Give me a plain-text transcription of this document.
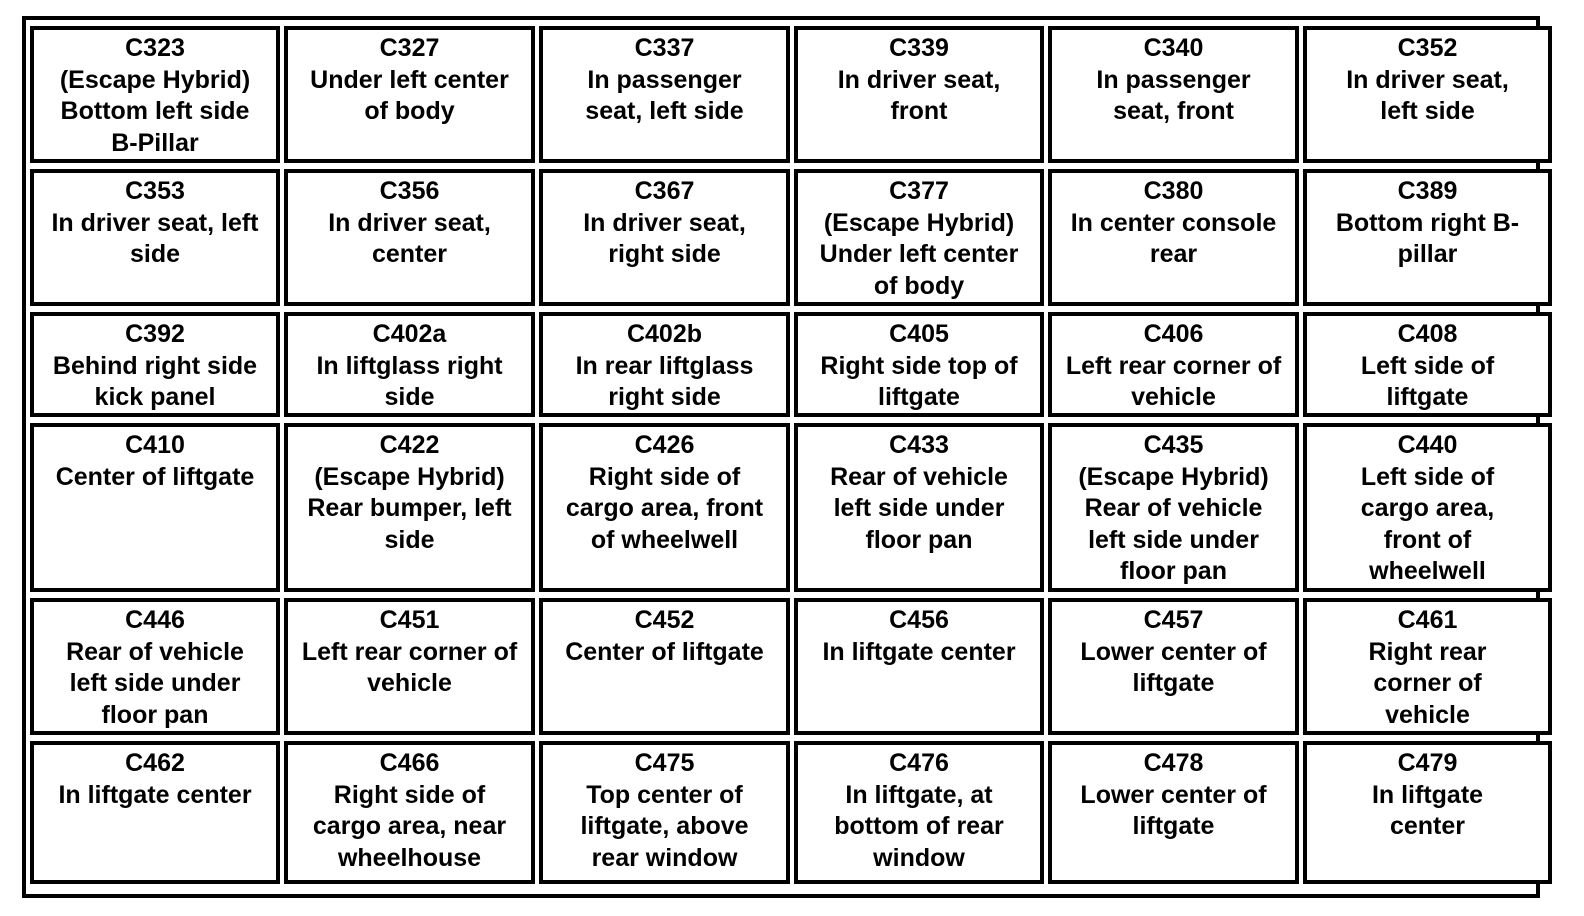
C323
(Escape Hybrid)
Bottom left side
B-Pillar
C327
Under left center
of body
C337
In passenger
seat, left side
C339
In driver seat,
front
C340
In passenger
seat, front
C352
In driver seat,
left side
C353
In driver seat, left
side
C356
In driver seat,
center
C367
In driver seat,
right side
C377
(Escape Hybrid)
Under left center
of body
C380
In center console
rear
C389
Bottom right B-
pillar
C392
Behind right side
kick panel
C402a
In liftglass right
side
C402b
In rear liftglass
right side
C405
Right side top of
liftgate
C406
Left rear corner of
vehicle
C408
Left side of
liftgate
C410
Center of liftgate
C422
(Escape Hybrid)
Rear bumper, left
side
C426
Right side of
cargo area, front
of wheelwell
C433
Rear of vehicle
left side under
floor pan
C435
(Escape Hybrid)
Rear of vehicle
left side under
floor pan
C440
Left side of
cargo area,
front of
wheelwell
C446
Rear of vehicle
left side under
floor pan
C451
Left rear corner of
vehicle
C452
Center of liftgate
C456
In liftgate center
C457
Lower center of
liftgate
C461
Right rear
corner of
vehicle
C462
In liftgate center
C466
Right side of
cargo area, near
wheelhouse
C475
Top center of
liftgate, above
rear window
C476
In liftgate, at
bottom of rear
window
C478
Lower center of
liftgate
C479
In liftgate
center
